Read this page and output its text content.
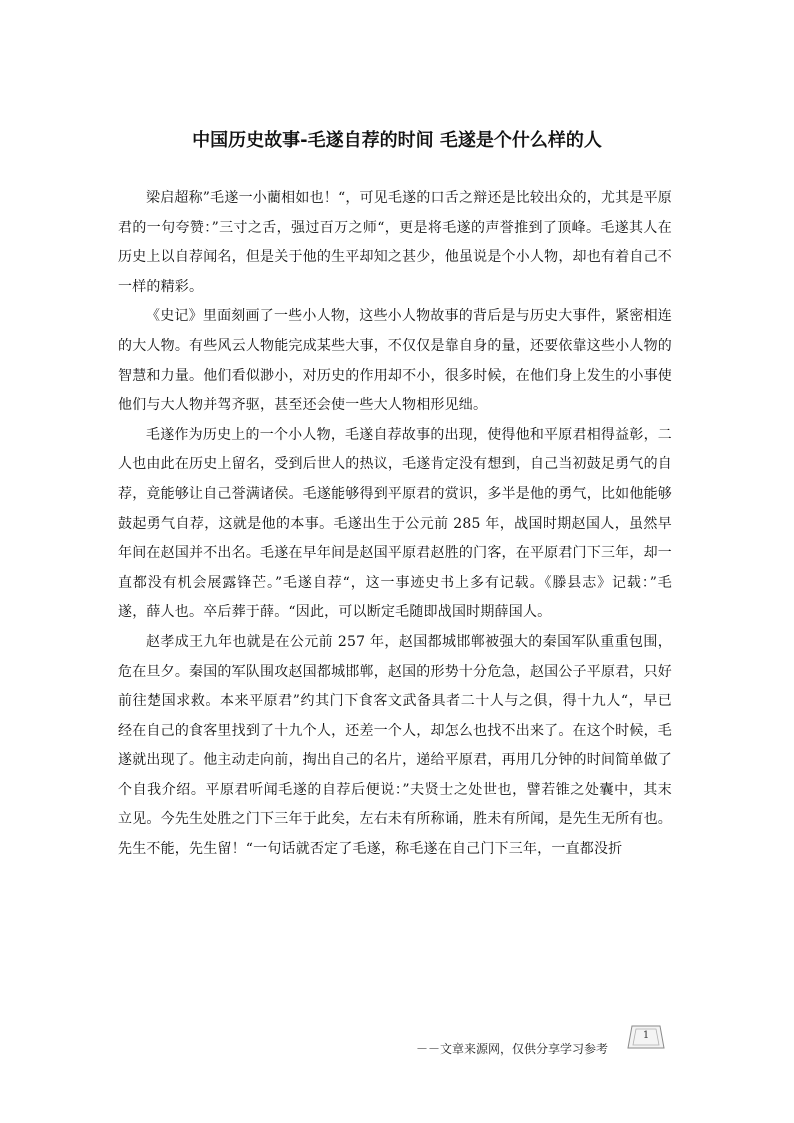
中国历史故事-毛遂自荐的时间 毛遂是个什么样的人

梁启超称”毛遂一小藺相如也！“，可见毛遂的口舌之辩还是比较出众的，尤其是平原君的一句夸赞：”三寸之舌，强过百万之师“，更是将毛遂的声誉推到了顶峰。毛遂其人在历史上以自荐闻名，但是关于他的生平却知之甚少，他虽说是个小人物，却也有着自己不一样的精彩。

《史记》里面刻画了一些小人物，这些小人物故事的背后是与历史大事件，紧密相连的大人物。有些风云人物能完成某些大事，不仅仅是靠自身的量，还要依靠这些小人物的智慧和力量。他们看似渺小，对历史的作用却不小，很多时候，在他们身上发生的小事使他们与大人物并驾齐驱，甚至还会使一些大人物相形见绌。

毛遂作为历史上的一个小人物，毛遂自荐故事的出现，使得他和平原君相得益彰，二人也由此在历史上留名，受到后世人的热议，毛遂肯定没有想到，自己当初鼓足勇气的自荐，竟能够让自己誉满诸侯。毛遂能够得到平原君的赏识，多半是他的勇气，比如他能够鼓起勇气自荐，这就是他的本事。毛遂出生于公元前 285 年，战国时期赵国人，虽然早年间在赵国并不出名。毛遂在早年间是赵国平原君赵胜的门客，在平原君门下三年，却一直都没有机会展露锋芒。”毛遂自荐“，这一事迹史书上多有记载。《滕县志》记载：”毛遂，薛人也。卒后葬于薛。“因此，可以断定毛随即战国时期薛国人。

赵孝成王九年也就是在公元前 257 年，赵国都城邯郸被强大的秦国军队重重包围，危在旦夕。秦国的军队围攻赵国都城邯郸，赵国的形势十分危急，赵国公子平原君，只好前往楚国求救。本来平原君”约其门下食客文武备具者二十人与之俱，得十九人“，早已经在自己的食客里找到了十九个人，还差一个人，却怎么也找不出来了。在这个时候，毛遂就出现了。他主动走向前，掏出自己的名片，递给平原君，再用几分钟的时间简单做了个自我介绍。平原君听闻毛遂的自荐后便说：”夫贤士之处世也，譬若锥之处囊中，其末立见。今先生处胜之门下三年于此矣，左右未有所称诵，胜未有所闻，是先生无所有也。先生不能，先生留！“一句话就否定了毛遂，称毛遂在自己门下三年，一直都没折

－－文章来源网，仅供分享学习参考
1
